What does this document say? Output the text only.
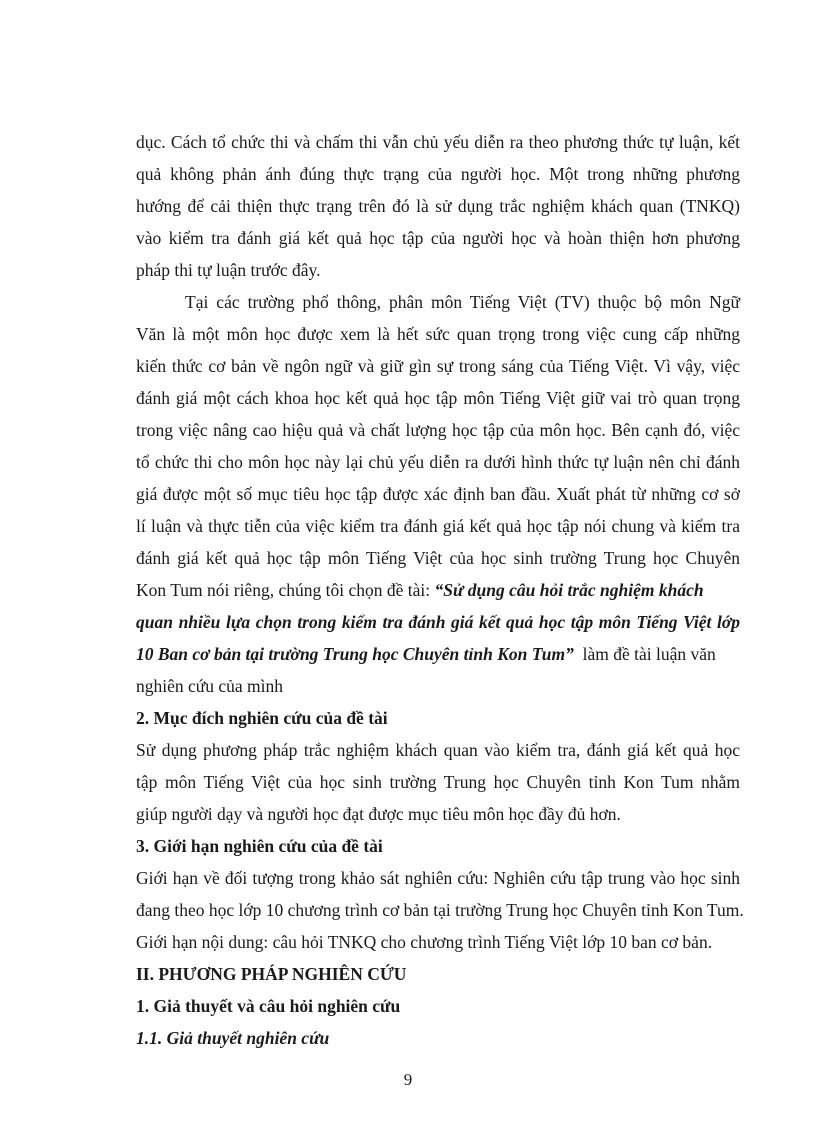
dục. Cách tổ chức thi và chấm thi vẫn chủ yếu diễn ra theo phương thức tự luận, kết
quả không phản ánh đúng thực trạng của người học. Một trong những phương
hướng để cải thiện thực trạng trên đó là sử dụng trắc nghiệm khách quan (TNKQ)
vào kiểm tra đánh giá kết quả học tập của người học và hoàn thiện hơn phương
pháp thi tự luận trước đây.
Tại các trường phổ thông, phân môn Tiếng Việt (TV) thuộc bộ môn Ngữ
Văn là một môn học được xem là hết sức quan trọng trong việc cung cấp những
kiến thức cơ bản về ngôn ngữ và giữ gìn sự trong sáng của Tiếng Việt. Vì vậy, việc
đánh giá một cách khoa học kết quả học tập môn Tiếng Việt giữ vai trò quan trọng
trong việc nâng cao hiệu quả và chất lượng học tập của môn học. Bên cạnh đó, việc
tổ chức thi cho môn học này lại chủ yếu diễn ra dưới hình thức tự luận nên chỉ đánh
giá được một số mục tiêu học tập được xác định ban đầu. Xuất phát từ những cơ sở
lí luận và thực tiễn của việc kiểm tra đánh giá kết quả học tập nói chung và kiểm tra
đánh giá kết quả học tập môn Tiếng Việt của học sinh trường Trung học Chuyên
Kon Tum nói riêng, chúng tôi chọn đề tài: “Sử dụng câu hỏi trắc nghiệm khách
quan nhiều lựa chọn trong kiểm tra đánh giá kết quả học tập môn Tiếng Việt lớp
10 Ban cơ bản tại trường Trung học Chuyên tỉnh Kon Tum”  làm đề tài luận văn
nghiên cứu của mình
2. Mục đích nghiên cứu của đề tài
Sử dụng phương pháp trắc nghiệm khách quan vào kiểm tra, đánh giá kết quả học
tập môn Tiếng Việt của học sinh trường Trung học Chuyên tỉnh Kon Tum nhằm
giúp người dạy và người học đạt được mục tiêu môn học đầy đủ hơn.
3. Giới hạn nghiên cứu của đề tài
Giới hạn về đối tượng trong khảo sát nghiên cứu: Nghiên cứu tập trung vào học sinh
đang theo học lớp 10 chương trình cơ bản tại trường Trung học Chuyên tỉnh Kon Tum.
Giới hạn nội dung: câu hỏi TNKQ cho chương trình Tiếng Việt lớp 10 ban cơ bản.
II. PHƯƠNG PHÁP NGHIÊN CỨU
1. Giả thuyết và câu hỏi nghiên cứu
1.1. Giả thuyết nghiên cứu
9
